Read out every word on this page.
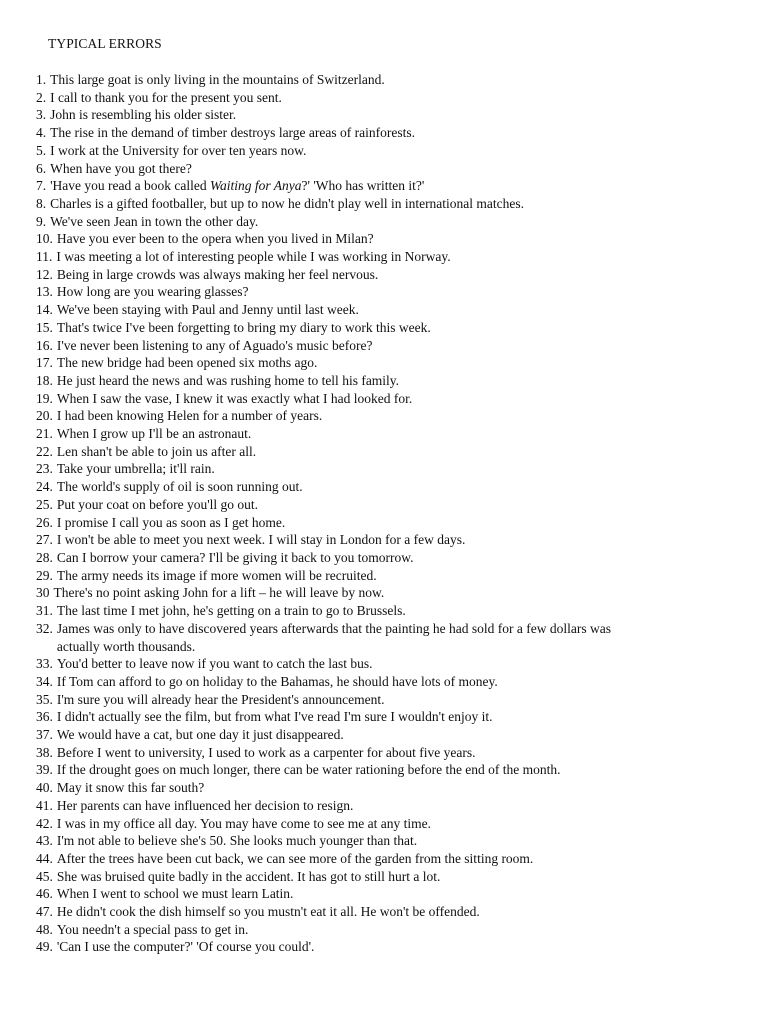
TYPICAL ERRORS
1. This large goat is only living in the mountains of Switzerland.
2. I call to thank you for the present you sent.
3. John is resembling his older sister.
4. The rise in the demand of timber destroys large areas of rainforests.
5. I work at the University for over ten years now.
6. When have you got there?
7. 'Have you read a book called Waiting for Anya?' 'Who has written it?'
8. Charles is a gifted footballer, but up to now he didn't play well in international matches.
9. We've seen Jean in town the other day.
10. Have you ever been to the opera when you lived in Milan?
11. I was meeting a lot of interesting people while I was working in Norway.
12. Being in large crowds was always making her feel nervous.
13. How long are you wearing glasses?
14. We've been staying with Paul and Jenny until last week.
15. That's twice I've been forgetting to bring my diary to work this week.
16. I've never been listening to any of Aguado's music before?
17. The new bridge had been opened six moths ago.
18. He just heard the news and was rushing home to tell his family.
19. When I saw the vase, I knew it was exactly what I had looked for.
20. I had been knowing Helen for a number of years.
21. When I grow up I'll be an astronaut.
22. Len shan't be able to join us after all.
23. Take your umbrella; it'll rain.
24. The world's supply of oil is soon running out.
25. Put your coat on before you'll go out.
26. I promise I call you as soon as I get home.
27. I won't be able to meet you next week. I will stay in London for a few days.
28. Can I borrow your camera? I'll be giving it back to you tomorrow.
29. The army needs its image if more women will be recruited.
30 There's no point asking John for a lift – he will leave by now.
31. The last time I met john, he's getting on a train to go to Brussels.
32. James was only to have discovered years afterwards that the painting he had sold for a few dollars was
actually worth thousands.
33. You'd better to leave now if you want to catch the last bus.
34. If Tom can afford to go on holiday to the Bahamas, he should have lots of money.
35. I'm sure you will already hear the President's announcement.
36. I didn't actually see the film, but from what I've read I'm sure I wouldn't enjoy it.
37. We would have a cat, but one day it just disappeared.
38. Before I went to university, I used to work as a carpenter for about five years.
39. If the drought goes on much longer, there can be water rationing before the end of the month.
40. May it snow this far south?
41. Her parents can have influenced her decision to resign.
42. I was in my office all day. You may have come to see me at any time.
43. I'm not able to believe she's 50. She looks much younger than that.
44. After the trees have been cut back, we can see more of the garden from the sitting room.
45. She was bruised quite badly in the accident. It has got to still hurt a lot.
46. When I went to school we must learn Latin.
47. He didn't cook the dish himself so you mustn't eat it all. He won't be offended.
48. You needn't a special pass to get in.
49. 'Can I use the computer?' 'Of course you could'.
